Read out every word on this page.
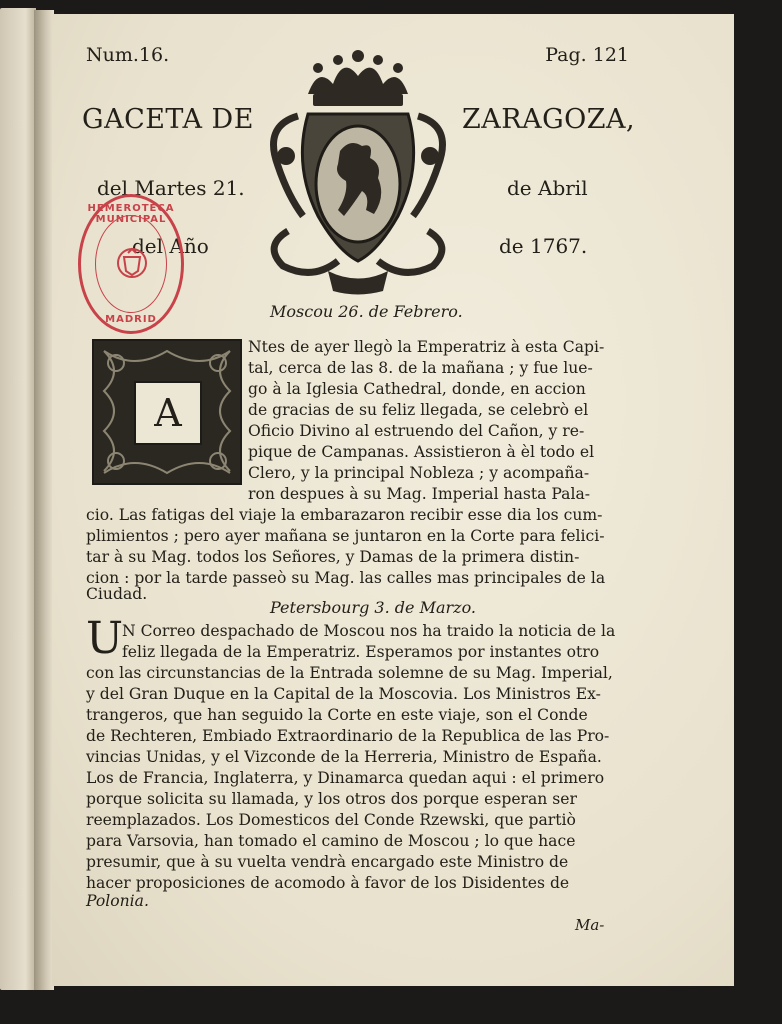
Num.16.	Pag. 121
GACETA DE	ZARAGOZA,
del Martes 21.	de Abril
del Año	de 1767.
HEMEROTECA MUNICIPAL
MADRID	Moscou 26. de Febrero.
A
Ntes de ayer llegò la Emperatriz à esta Capi-
tal, cerca de las 8. de la mañana ; y fue lue-
go à la Iglesia Cathedral, donde, en accion
de gracias de su feliz llegada, se celebrò el
Oficio Divino al estruendo del Cañon, y re-
pique de Campanas. Assistieron à èl todo el
Clero, y la principal Nobleza ; y acompaña-
ron despues à su Mag. Imperial hasta Pala-
cio. Las fatigas del viaje la embarazaron recibir esse dia los cum-
plimientos ; pero ayer mañana se juntaron en la Corte para felici-
tar à su Mag. todos los Señores, y Damas de la primera distin-
cion : por la tarde passeò su Mag. las calles mas principales de la
Petersbourg 3. de Marzo.
U
N Correo despachado de Moscou nos ha traido la noticia de la
feliz llegada de la Emperatriz. Esperamos por instantes otro
con las circunstancias de la Entrada solemne de su Mag. Imperial,
y del Gran Duque en la Capital de la Moscovia. Los Ministros Ex-
trangeros, que han seguido la Corte en este viaje, son el Conde
de Rechteren, Embiado Extraordinario de la Republica de las Pro-
vincias Unidas, y el Vizconde de la Herreria, Ministro de España.
Los de Francia, Inglaterra, y Dinamarca quedan aqui : el primero
porque solicita su llamada, y los otros dos porque esperan ser
reemplazados. Los Domesticos del Conde Rzewski, que partiò
para Varsovia, han tomado el camino de Moscou ; lo que hace
presumir, que à su vuelta vendrà encargado este Ministro de
hacer proposiciones de acomodo à favor de los Disidentes de
Polonia.
Ma-
Ciudad.
